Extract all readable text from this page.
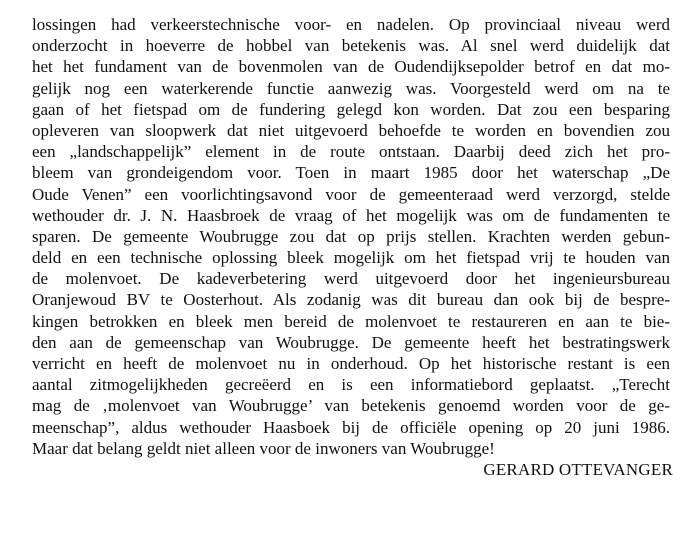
lossingen had verkeerstechnische voor- en nadelen. Op provinciaal niveau werd
onderzocht in hoeverre de hobbel van betekenis was. Al snel werd duidelijk dat
het het fundament van de bovenmolen van de Oudendijksepolder betrof en dat mo-
gelijk nog een waterkerende functie aanwezig was. Voorgesteld werd om na te
gaan of het fietspad om de fundering gelegd kon worden. Dat zou een besparing
opleveren van sloopwerk dat niet uitgevoerd behoefde te worden en bovendien zou
een „landschappelijk” element in de route ontstaan. Daarbij deed zich het pro-
bleem van grondeigendom voor. Toen in maart 1985 door het waterschap „De
Oude Venen” een voorlichtingsavond voor de gemeenteraad werd verzorgd, stelde
wethouder dr. J. N. Haasbroek de vraag of het mogelijk was om de fundamenten te
sparen. De gemeente Woubrugge zou dat op prijs stellen. Krachten werden gebun-
deld en een technische oplossing bleek mogelijk om het fietspad vrij te houden van
de molenvoet. De kadeverbetering werd uitgevoerd door het ingenieursbureau
Oranjewoud BV te Oosterhout. Als zodanig was dit bureau dan ook bij de bespre-
kingen betrokken en bleek men bereid de molenvoet te restaureren en aan te bie-
den aan de gemeenschap van Woubrugge. De gemeente heeft het bestratingswerk
verricht en heeft de molenvoet nu in onderhoud. Op het historische restant is een
aantal zitmogelijkheden gecreëerd en is een informatiebord geplaatst. „Terecht
mag de ‚molenvoet van Woubrugge’ van betekenis genoemd worden voor de ge-
meenschap”, aldus wethouder Haasboek bij de officiële opening op 20 juni 1986.
Maar dat belang geldt niet alleen voor de inwoners van Woubrugge!
GERARD OTTEVANGER
